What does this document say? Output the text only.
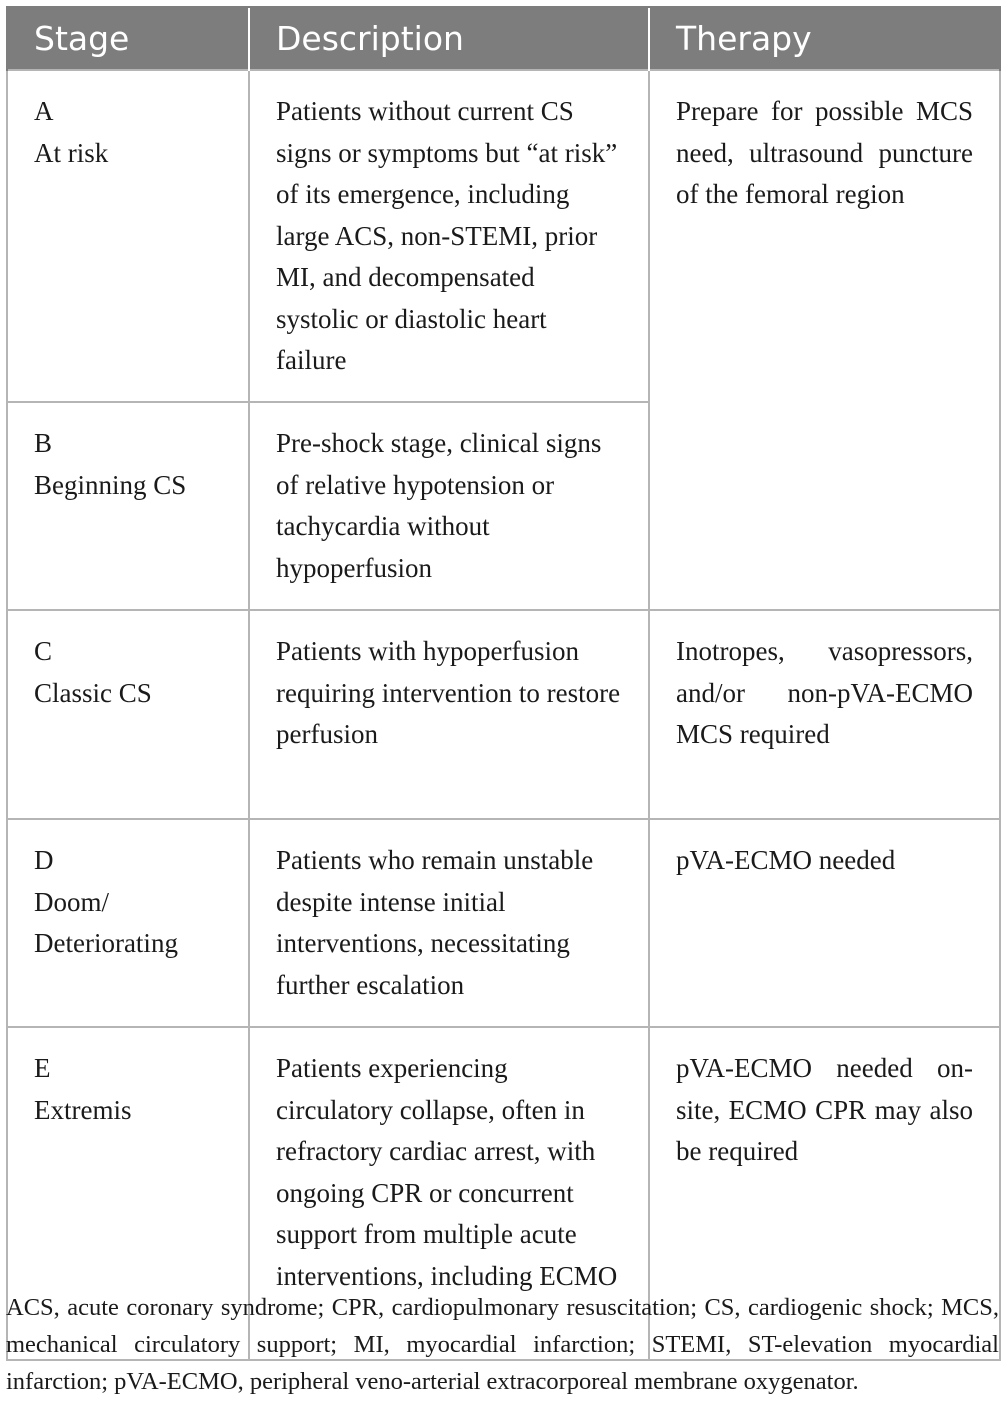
Stage	Description	Therapy

A
At risk	Patients without current CS signs or symptoms but “at risk” of its emergence, including large ACS, non-STEMI, prior MI, and decompensated systolic or diastolic heart failure	Prepare for possible MCS need, ultrasound puncture of the femoral region

B
Beginning CS	Pre-shock stage, clinical signs of relative hypotension or tachycardia without hypoperfusion	

C
Classic CS	Patients with hypoperfusion requiring intervention to restore perfusion	Inotropes, vasopressors, and/or non-pVA-ECMO MCS required

D
Doom/
Deteriorating	Patients who remain unstable despite intense initial interventions, necessitating further escalation	pVA-ECMO needed

E
Extremis	Patients experiencing circulatory collapse, often in refractory cardiac arrest, with ongoing CPR or concurrent support from multiple acute interventions, including ECMO	pVA-ECMO needed on-site, ECMO CPR may also be required

ACS, acute coronary syndrome; CPR, cardiopulmonary resuscitation; CS, cardiogenic shock; MCS, mechanical circulatory support; MI, myocardial infarction; STEMI, ST-elevation myocardial infarction; pVA-ECMO, peripheral veno-arterial extracorporeal membrane oxygenator.
